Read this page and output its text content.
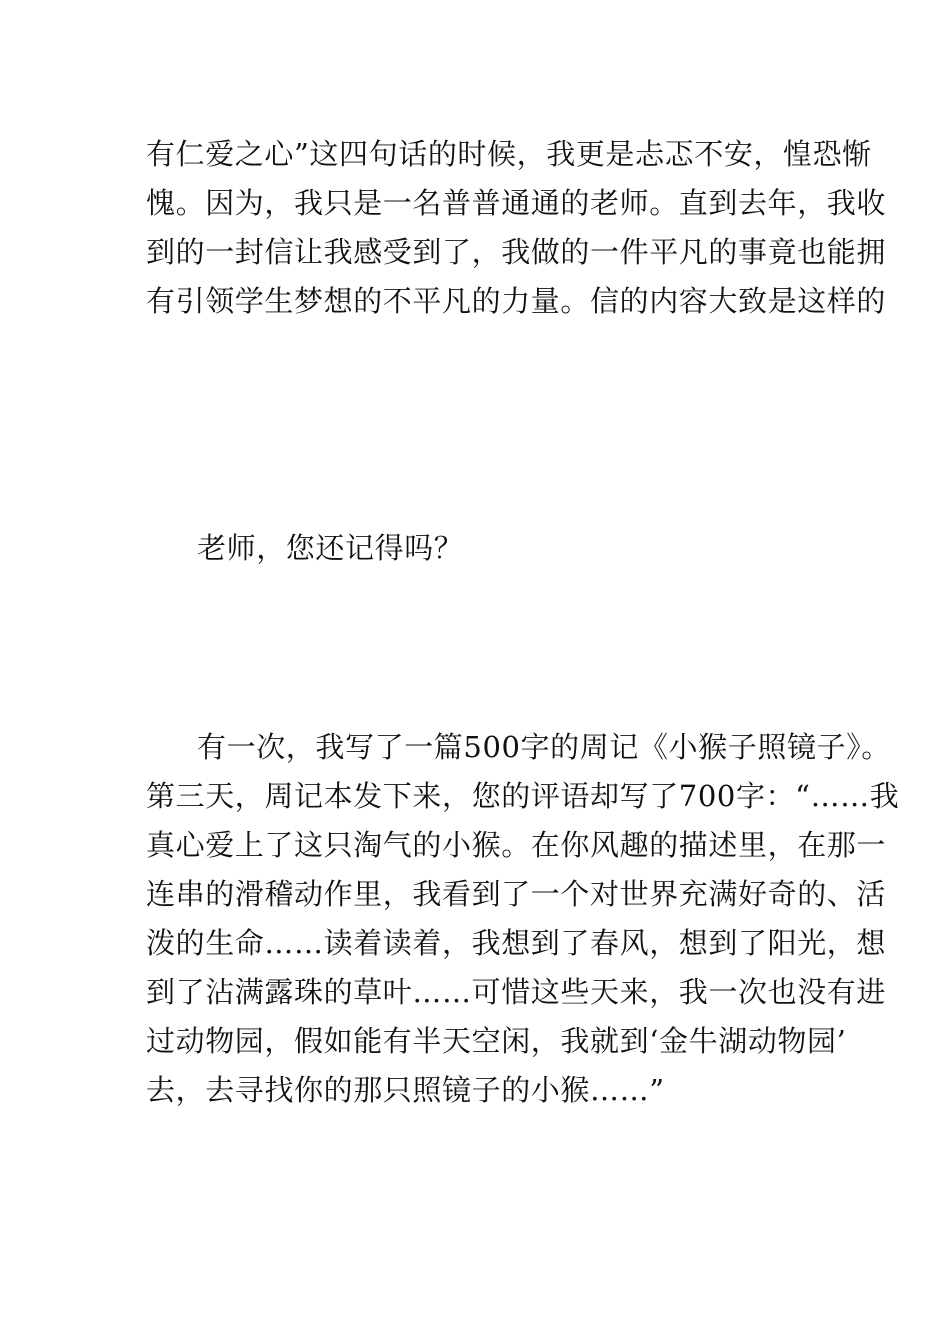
有仁爱之心”这四句话的时候，我更是忐忑不安，惶恐惭
愧。因为，我只是一名普普通通的老师。直到去年，我收
到的一封信让我感受到了，我做的一件平凡的事竟也能拥
有引领学生梦想的不平凡的力量。信的内容大致是这样的
老师，您还记得吗？
有一次，我写了一篇500字的周记《小猴子照镜子》。
第三天，周记本发下来，您的评语却写了700字：“……我
真心爱上了这只淘气的小猴。在你风趣的描述里，在那一
连串的滑稽动作里，我看到了一个对世界充满好奇的、活
泼的生命……读着读着，我想到了春风，想到了阳光，想
到了沾满露珠的草叶……可惜这些天来，我一次也没有进
过动物园，假如能有半天空闲，我就到‘金牛湖动物园’
去，去寻找你的那只照镜子的小猴……”
